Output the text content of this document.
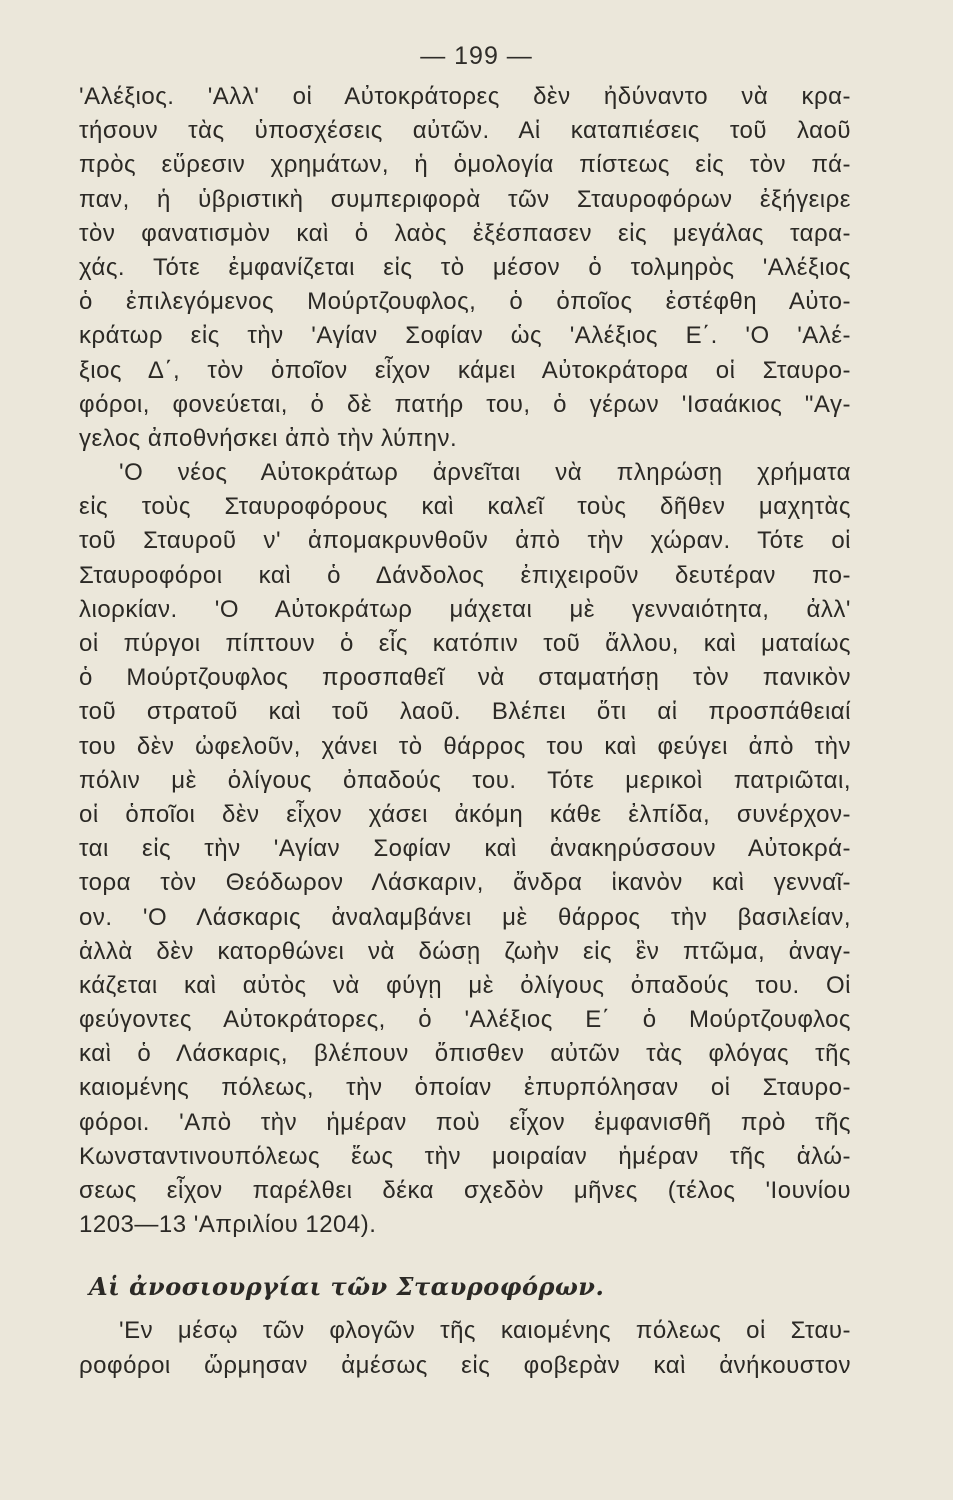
— 199 —
'Αλέξιος. 'Αλλ' οἱ Αὐτοκράτορες δὲν ἠδύναντο νὰ κρα-
τήσουν τὰς ὑποσχέσεις αὐτῶν. Αἱ καταπιέσεις τοῦ λαοῦ
πρὸς εὕρεσιν χρημάτων, ἡ ὁμολογία πίστεως εἰς τὸν πά-
παν, ἡ ὑβριστικὴ συμπεριφορὰ τῶν Σταυροφόρων ἐξήγειρε
τὸν φανατισμὸν καὶ ὁ λαὸς ἐξέσπασεν εἰς μεγάλας ταρα-
χάς. Τότε ἐμφανίζεται εἰς τὸ μέσον ὁ τολμηρὸς 'Αλέξιος
ὁ ἐπιλεγόμενος Μούρτζουφλος, ὁ ὁποῖος ἐστέφθη Αὐτο-
κράτωρ εἰς τὴν 'Αγίαν Σοφίαν ὡς 'Αλέξιος Ε΄. 'Ο 'Αλέ-
ξιος Δ΄, τὸν ὁποῖον εἶχον κάμει Αὐτοκράτορα οἱ Σταυρο-
φόροι, φονεύεται, ὁ δὲ πατήρ του, ὁ γέρων 'Ισαάκιος "Αγ-
γελος ἀποθνήσκει ἀπὸ τὴν λύπην.
'Ο νέος Αὐτοκράτωρ ἀρνεῖται νὰ πληρώσῃ χρήματα
εἰς τοὺς Σταυροφόρους καὶ καλεῖ τοὺς δῆθεν μαχητὰς
τοῦ Σταυροῦ ν' ἀπομακρυνθοῦν ἀπὸ τὴν χώραν. Τότε οἱ
Σταυροφόροι καὶ ὁ Δάνδολος ἐπιχειροῦν δευτέραν πο-
λιορκίαν. 'Ο Αὐτοκράτωρ μάχεται μὲ γενναιότητα, ἀλλ'
οἱ πύργοι πίπτουν ὁ εἷς κατόπιν τοῦ ἄλλου, καὶ ματαίως
ὁ Μούρτζουφλος προσπαθεῖ νὰ σταματήσῃ τὸν πανικὸν
τοῦ στρατοῦ καὶ τοῦ λαοῦ. Βλέπει ὅτι αἱ προσπάθειαί
του δὲν ὠφελοῦν, χάνει τὸ θάρρος του καὶ φεύγει ἀπὸ τὴν
πόλιν μὲ ὀλίγους ὀπαδούς του. Τότε μερικοὶ πατριῶται,
οἱ ὁποῖοι δὲν εἶχον χάσει ἀκόμη κάθε ἐλπίδα, συνέρχον-
ται εἰς τὴν 'Αγίαν Σοφίαν καὶ ἀνακηρύσσουν Αὐτοκρά-
τορα τὸν Θεόδωρον Λάσκαριν, ἄνδρα ἱκανὸν καὶ γενναῖ-
ον. 'Ο Λάσκαρις ἀναλαμβάνει μὲ θάρρος τὴν βασιλείαν,
ἀλλὰ δὲν κατορθώνει νὰ δώσῃ ζωὴν εἰς ἓν πτῶμα, ἀναγ-
κάζεται καὶ αὐτὸς νὰ φύγῃ μὲ ὀλίγους ὀπαδούς του. Οἱ
φεύγοντες Αὐτοκράτορες, ὁ 'Αλέξιος Ε΄ ὁ Μούρτζουφλος
καὶ ὁ Λάσκαρις, βλέπουν ὄπισθεν αὐτῶν τὰς φλόγας τῆς
καιομένης πόλεως, τὴν ὁποίαν ἐπυρπόλησαν οἱ Σταυρο-
φόροι. 'Απὸ τὴν ἡμέραν ποὺ εἶχον ἐμφανισθῆ πρὸ τῆς
Κωνσταντινουπόλεως ἕως τὴν μοιραίαν ἡμέραν τῆς ἁλώ-
σεως εἶχον παρέλθει δέκα σχεδὸν μῆνες (τέλος 'Ιουνίου
1203—13 'Απριλίου 1204).
Αἱ ἀνοσιουργίαι τῶν Σταυροφόρων.
'Εν μέσῳ τῶν φλογῶν τῆς καιομένης πόλεως οἱ Σταυ-
ροφόροι ὥρμησαν ἀμέσως εἰς φοβερὰν καὶ ἀνήκουστον
